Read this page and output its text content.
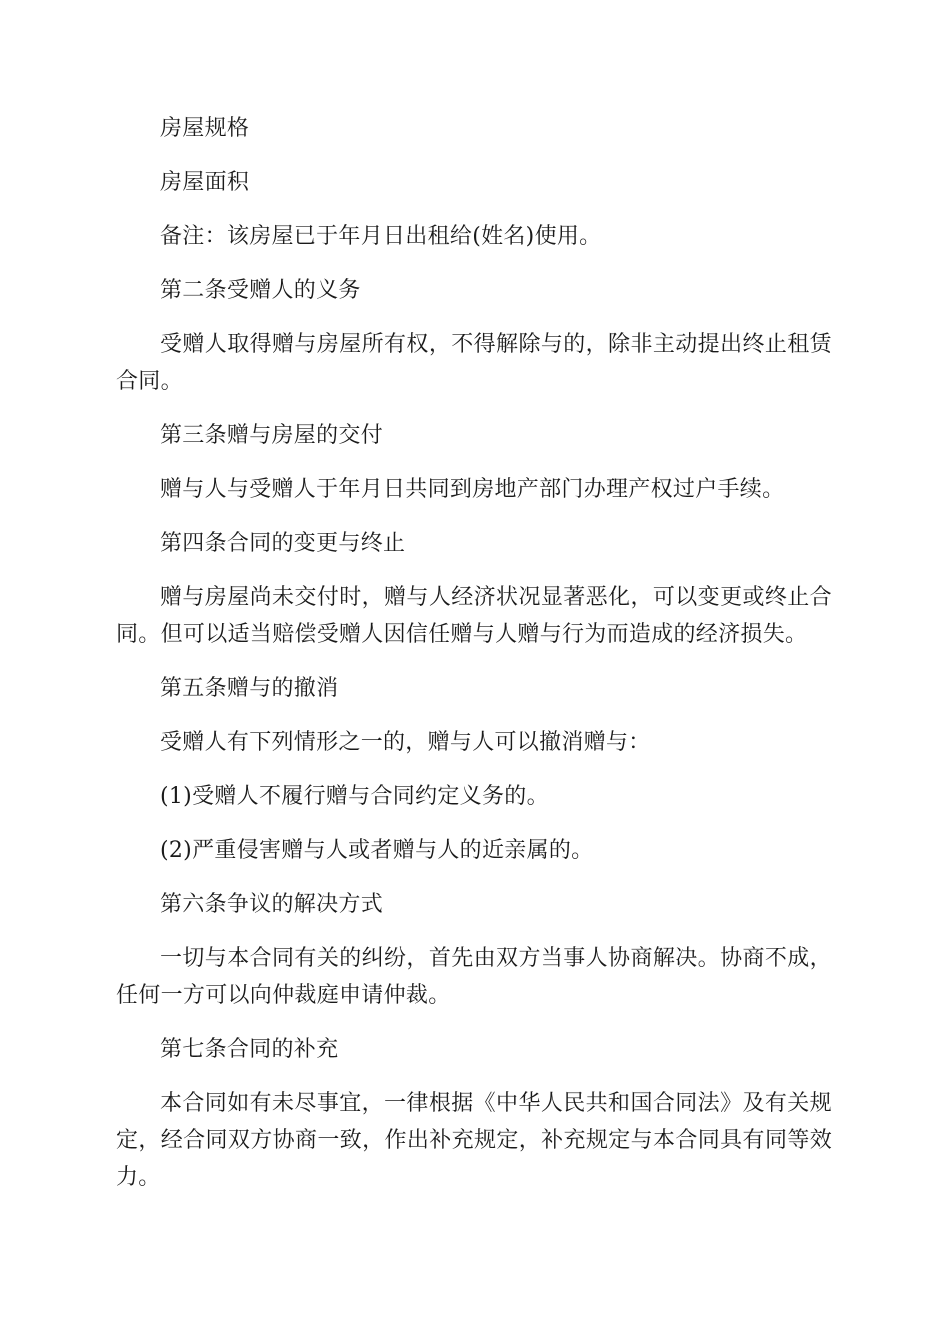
房屋规格

房屋面积

备注：该房屋已于年月日出租给(姓名)使用。

第二条受赠人的义务

受赠人取得赠与房屋所有权，不得解除与的，除非主动提出终止租赁合同。

第三条赠与房屋的交付

赠与人与受赠人于年月日共同到房地产部门办理产权过户手续。

第四条合同的变更与终止

赠与房屋尚未交付时，赠与人经济状况显著恶化，可以变更或终止合同。但可以适当赔偿受赠人因信任赠与人赠与行为而造成的经济损失。

第五条赠与的撤消

受赠人有下列情形之一的，赠与人可以撤消赠与：

(1)受赠人不履行赠与合同约定义务的。

(2)严重侵害赠与人或者赠与人的近亲属的。

第六条争议的解决方式

一切与本合同有关的纠纷，首先由双方当事人协商解决。协商不成，任何一方可以向仲裁庭申请仲裁。

第七条合同的补充

本合同如有未尽事宜，一律根据《中华人民共和国合同法》及有关规定，经合同双方协商一致，作出补充规定，补充规定与本合同具有同等效力。
